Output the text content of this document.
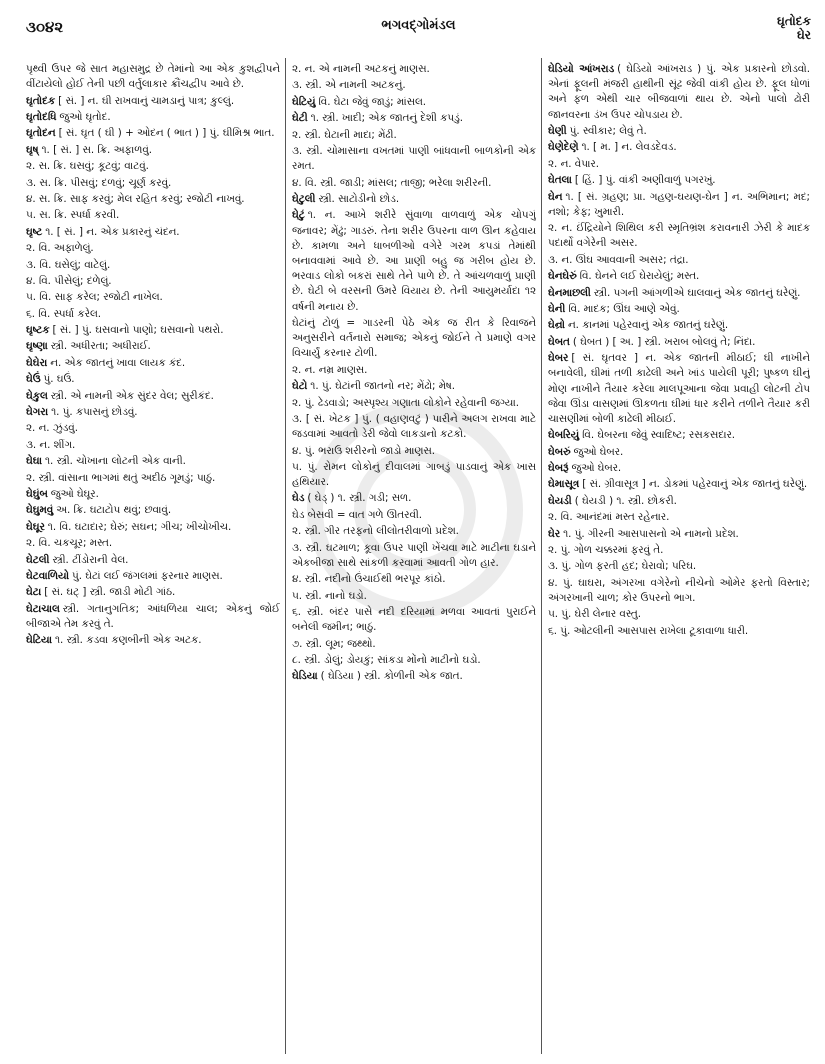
૩૦૪૨	ભગવદ્ગોમંડલ	ઘૃતોદક
ઘેર
પૃથ્વી ઉપર જે સાત મહાસમુદ્ર છે તેમાંનો આ એક કુશદ્વીપને વીંટાયેલો હોઈ તેની પછી વર્તુલાકાર ક્રૌંચદ્વીપ આવે છે.
ઘૃતોદક [ સં. ] ન. ઘી રાખવાનું ચામડાનું પાત્ર; કુલ્લું.
ઘૃતોદધિ જુઓ ઘૃતોદ.
ઘૃતોદન [ સં. ઘૃત ( ઘી ) + ઓદન ( ભાત ) ] પું. ઘીમિશ્ર ભાત.
ઘૃષ્ ૧. [ સં. ] સ. ક્રિ. અફાળવું.
૨. સ. ક્રિ. ઘસવું; કૂટવું; વાટવું.
૩. સ. ક્રિ. પીસવું; દળવું; ચૂર્ણ કરવું.
૪. સ. ક્રિ. સાફ કરવું; મેલ રહિત કરવું; રજોટી નાખવું.
૫. સ. ક્રિ. સ્પર્ધા કરવી.
ઘૃષ્ટ ૧. [ સં. ] ન. એક પ્રકારનું ચંદન.
૨. વિ. અફાળેલું.
૩. વિ. ઘસેલું; વાટેલું.
૪. વિ. પીસેલું; દળેલું.
૫. વિ. સાફ કરેલ; રજોટી નાખેલ.
૬. વિ. સ્પર્ધા કરેલ.
ઘૃષ્ટક [ સં. ] પું. ઘસવાનો પાણો; ઘસવાનો પથરો.
ઘૃષ્ણા સ્ત્રી. અધીરતા; અધીરાઈ.
ઘેઘેરા ન. એક જાતનું ખાવા લાયક કંદ.
ઘેઉં પું. ઘઉં.
ઘેકુલ સ્ત્રી. એ નામની એક સુંદર વેલ; સુરીકંદ.
ઘેગરા ૧. પું. કપાસનું છોડવું.
૨. ન. ઝુંડવું.
૩. ન. શીંગ.
ઘેઘા ૧. સ્ત્રી. ચોખાના લોટની એક વાની.
૨. સ્ત્રી. વાંસાના ભાગમાં થતું અદીઠ ગૂમડું; પાઠું.
ઘેઘુંબ જુઓ ઘેઘૂર.
ઘેઘુમવું અ. ક્રિ. ઘટાટોપ થવું; છવાવું.
ઘેઘૂર ૧. વિ. ઘટાદાર; ઘેરું; સઘન; ગીચ; ખીચોખીચ.
૨. વિ. ચકચૂર; મસ્ત.
ઘેટલી સ્ત્રી. ટીંડોરાની વેલ.
ઘેટવાળિયો પું. ઘેટાં લઈ જંગલમાં ફરનાર માણસ.
ઘેટા [ સં. ઘટ્ ] સ્ત્રી. જાડી મોટી ગાંઠ.
ઘેટાચાલ સ્ત્રી. ગતાનુગતિક; આંધળિયા ચાલ; એકનું જોઈ બીજાએ તેમ કરવું તે.
ઘેટિયા ૧. સ્ત્રી. કડવા કણબીની એક અટક.
૨. ન. એ નામની અટકનું માણસ.
૩. સ્ત્રી. એ નામની અટકનું.
ઘેટિયું વિ. ઘેટા જેવું જાડું; માંસલ.
ઘેટી ૧. સ્ત્રી. ખાદી; એક જાતનું દેશી કપડું.
૨. સ્ત્રી. ઘેટાની માદા; મેંઢી.
૩. સ્ત્રી. ચોમાસાના વખતમાં પાણી બાંધવાની બાળકોની એક રમત.
૪. વિ. સ્ત્રી. જાડી; માંસલ; તાજી; ભરેલા શરીરની.
ઘેટુલી સ્ત્રી. સાટોડીનો છોડ.
ઘેટું ૧. ન. આખે શરીરે સુંવાળા વાળવાળું એક ચોપગું જનાવર; મેંઢું; ગાડરું. તેના શરીર ઉપરના વાળ ઊન કહેવાય છે. કામળા અને ધાબળીઓ વગેરે ગરમ કપડાં તેમાંથી બનાવવામાં આવે છે. આ પ્રાણી બહુ જ ગરીબ હોય છે. ભરવાડ લોકો બકરાં સાથે તેને પાળે છે. તે આંચળવાળું પ્રાણી છે. ઘેટી બે વરસની ઉમરે વિયાય છે. તેની આયુમર્યાદા ૧૨ વર્ષની મનાય છે.
ઘેટાંનું ટોળું = ગાડરની પેઠે એક જ રીત કે રિવાજને અનુસરીને વર્તનારો સમાજ; એકનું જોઈને તે પ્રમાણે વગર વિચાર્યું કરનાર ટોળી.
૨. ન. નમ્ર માણસ.
ઘેટો ૧. પું. ઘેટાંની જાતનો નર; મેંઢો; મેષ.
૨. પું. ઢેડવાડો; અસ્પૃશ્ય ગણાતા લોકોને રહેવાની જગ્યા.
૩. [ સં. ખેટક ] પું. ( વહાણવટું ) પારીને અલગ રાખવા માટે જડવામાં આવતો ડેરી જેવો લાકડાનો કટકો.
૪. પું. ભરાઉ શરીરનો જાડો માણસ.
૫. પું. રોમન લોકોનું દીવાલમાં ગાબડું પાડવાનું એક ખાસ હથિયાર.
ઘેડ ( ઘેડ્ ) ૧. સ્ત્રી. ગડી; સળ.
ઘેડ બેસવી = વાત ગળે ઊતરવી.
૨. સ્ત્રી. ગીર તરફનો લીલોતરીવાળો પ્રદેશ.
૩. સ્ત્રી. ઘટમાળ; કૂવા ઉપર પાણી ખેંચવા માટે માટીના ઘડાને એકબીજા સાથે સાંકળી કરવામાં આવતી ગોળ હાર.
૪. સ્ત્રી. નદીનો ઉંચાઈથી ભરપૂર કાંઠો.
૫. સ્ત્રી. નાનો ઘડો.
૬. સ્ત્રી. બંદર પાસે નદી દરિયામાં મળવા આવતાં પુરાઈને બનેલી જમીન; ભાઠું.
૭. સ્ત્રી. લૂમ; જથ્થો.
૮. સ્ત્રી. ડોલું; ડોયકું; સાંકડા મોંનો માટીનો ઘડો.
ઘેડિયા ( ઘેડિયા ) સ્ત્રી. કોળીની એક જાત.
ઘેડિયો આંખરાડ ( ઘેડિયો આંખરાડ ) પું. એક પ્રકારનો છોડવો. એનાં ફૂલની મંજરી હાથીની સૂંઢ જેવી વાંકી હોય છે. ફૂલ ધોળાં અને ફળ એથી ચાર બીજવાળાં થાય છે. એનો પાલો ઢોરી જાનવરના ડંખ ઉપર ચોપડાય છે.
ઘેણી પું. સ્વીકાર; લેવું તે.
ઘેણેદેણે ૧. [ મ. ] ન. લેવડદેવડ.
૨. ન. વેપાર.
ઘેતલા [ હિં. ] પું. વાંકી અણીવાળું પગરખું.
ઘેન ૧. [ સં. ગ્રહણ; પ્રા. ગહણ-ઘયણ-ઘેન ] ન. અભિમાન; મદ; નશો; કેફ; ખુમારી.
૨. ન. ઈંદ્રિયોને શિથિલ કરી સ્મૃતિભ્રંશ કરાવનારી ઝેરી કે માદક પદાર્થો વગેરેની અસર.
૩. ન. ઊંઘ આવવાની અસર; તંદ્રા.
ઘેનઘેરું વિ. ઘેનને લઈ ઘેરાયેલું; મસ્ત.
ઘેનમાછલી સ્ત્રી. પગની આંગળીએ ઘાલવાનું એક જાતનું ઘરેણું.
ઘેની વિ. માદક; ઊંઘ આણે એવું.
ઘેન્રો ન. કાનમાં પહેરવાનું એક જાતનું ઘરેણું.
ઘેબત ( ઘેબત ) [ અ. ] સ્ત્રી. ખરાબ બોલવું તે; નિંદા.
ઘેબર [ સં. ઘૃતવર ] ન. એક જાતની મીઠાઈ; ઘી નાખીને બનાવેલી, ઘીમાં તળી કાઢેલી અને ખાંડ પાયેલી પૂરી; પુષ્કળ ઘીનું મોણ નાખીને તૈયાર કરેલા માલપૂઆના જેવા પ્રવાહી લોટની ટોપ જેવા ઊંડા વાસણમાં ઊકળતા ઘીમાં ધાર કરીને તળીને તૈયાર કરી ચાસણીમાં બોળી કાઢેલી મીઠાઈ.
ઘેબરિયું વિ. ઘેબરના જેવું સ્વાદિષ્ટ; રસકસદાર.
ઘેબરું જુઓ ઘેબર.
ઘેબરૂં જુઓ ઘેબર.
ઘેમાસૂત્ર [ સં. ગ્રીવાસૂત્ર ] ન. ડોકમાં પહેરવાનું એક જાતનું ઘરેણું.
ઘેયડી ( ઘેયડી ) ૧. સ્ત્રી. છોકરી.
૨. વિ. આનંદમાં મસ્ત રહેનાર.
ઘેર ૧. પું. ગીરની આસપાસનો એ નામનો પ્રદેશ.
૨. પું. ગોળ ચક્કરમાં ફરવું તે.
૩. પું. ગોળ ફરતી હદ; ઘેરાવો; પરિઘ.
૪. પું. ઘાઘરા, અંગરખા વગેરેનો નીચેનો ઓમેર ફરતો વિસ્તાર; અંગરખાની ચાળ; કોર ઉપરનો ભાગ.
૫. પું. ઘેરી લેનાર વસ્તુ.
૬. પું. ઓટલીની આસપાસ રાખેલા ટૂકાવાળા ધારી.
